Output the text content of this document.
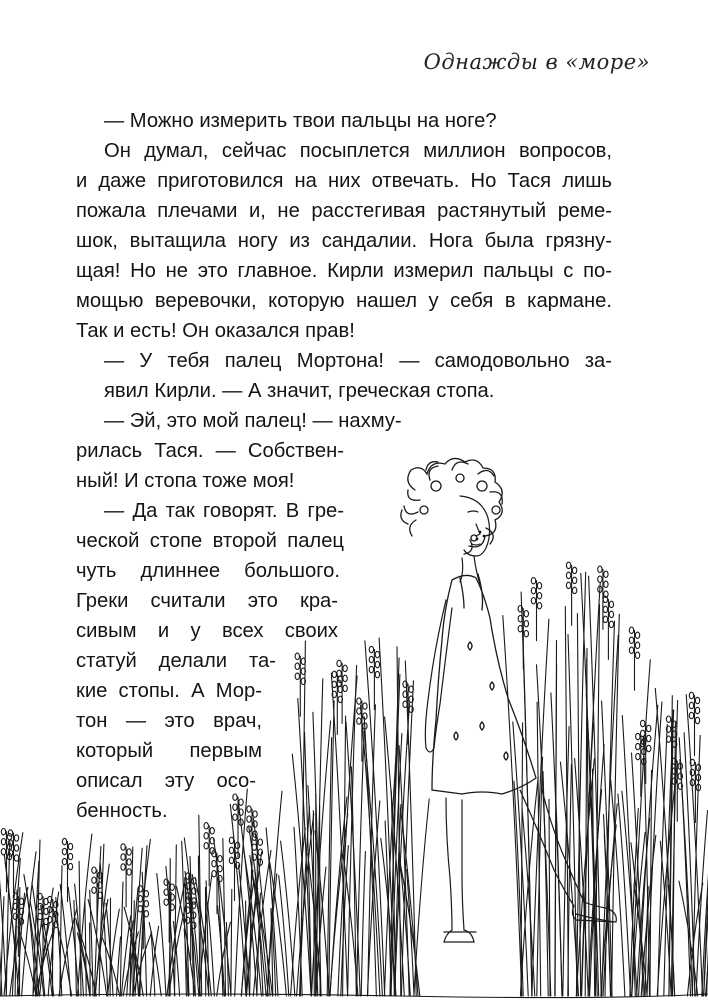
Однажды в «море»
— Можно измерить твои пальцы на ноге?
Он думал, сейчас посыплется миллион вопросов,
и даже приготовился на них отвечать. Но Тася лишь
пожала плечами и, не расстегивая растянутый реме-
шок, вытащила ногу из сандалии. Нога была грязну-
щая! Но не это главное. Кирли измерил пальцы с по-
мощью веревочки, которую нашел у себя в кармане.
Так и есть! Он оказался прав!
— У тебя палец Мортона! — самодовольно за-
явил Кирли. — А значит, греческая стопа.
— Эй, это мой палец! — нахму-
рилась Тася. — Собствен-
ный! И стопа тоже моя!
— Да так говорят. В гре-
ческой стопе второй палец
чуть длиннее большого.
Греки считали это кра-
сивым и у всех своих
статуй делали та-
кие стопы. А Мор-
тон — это врач,
который первым
описал эту осо-
бенность.
